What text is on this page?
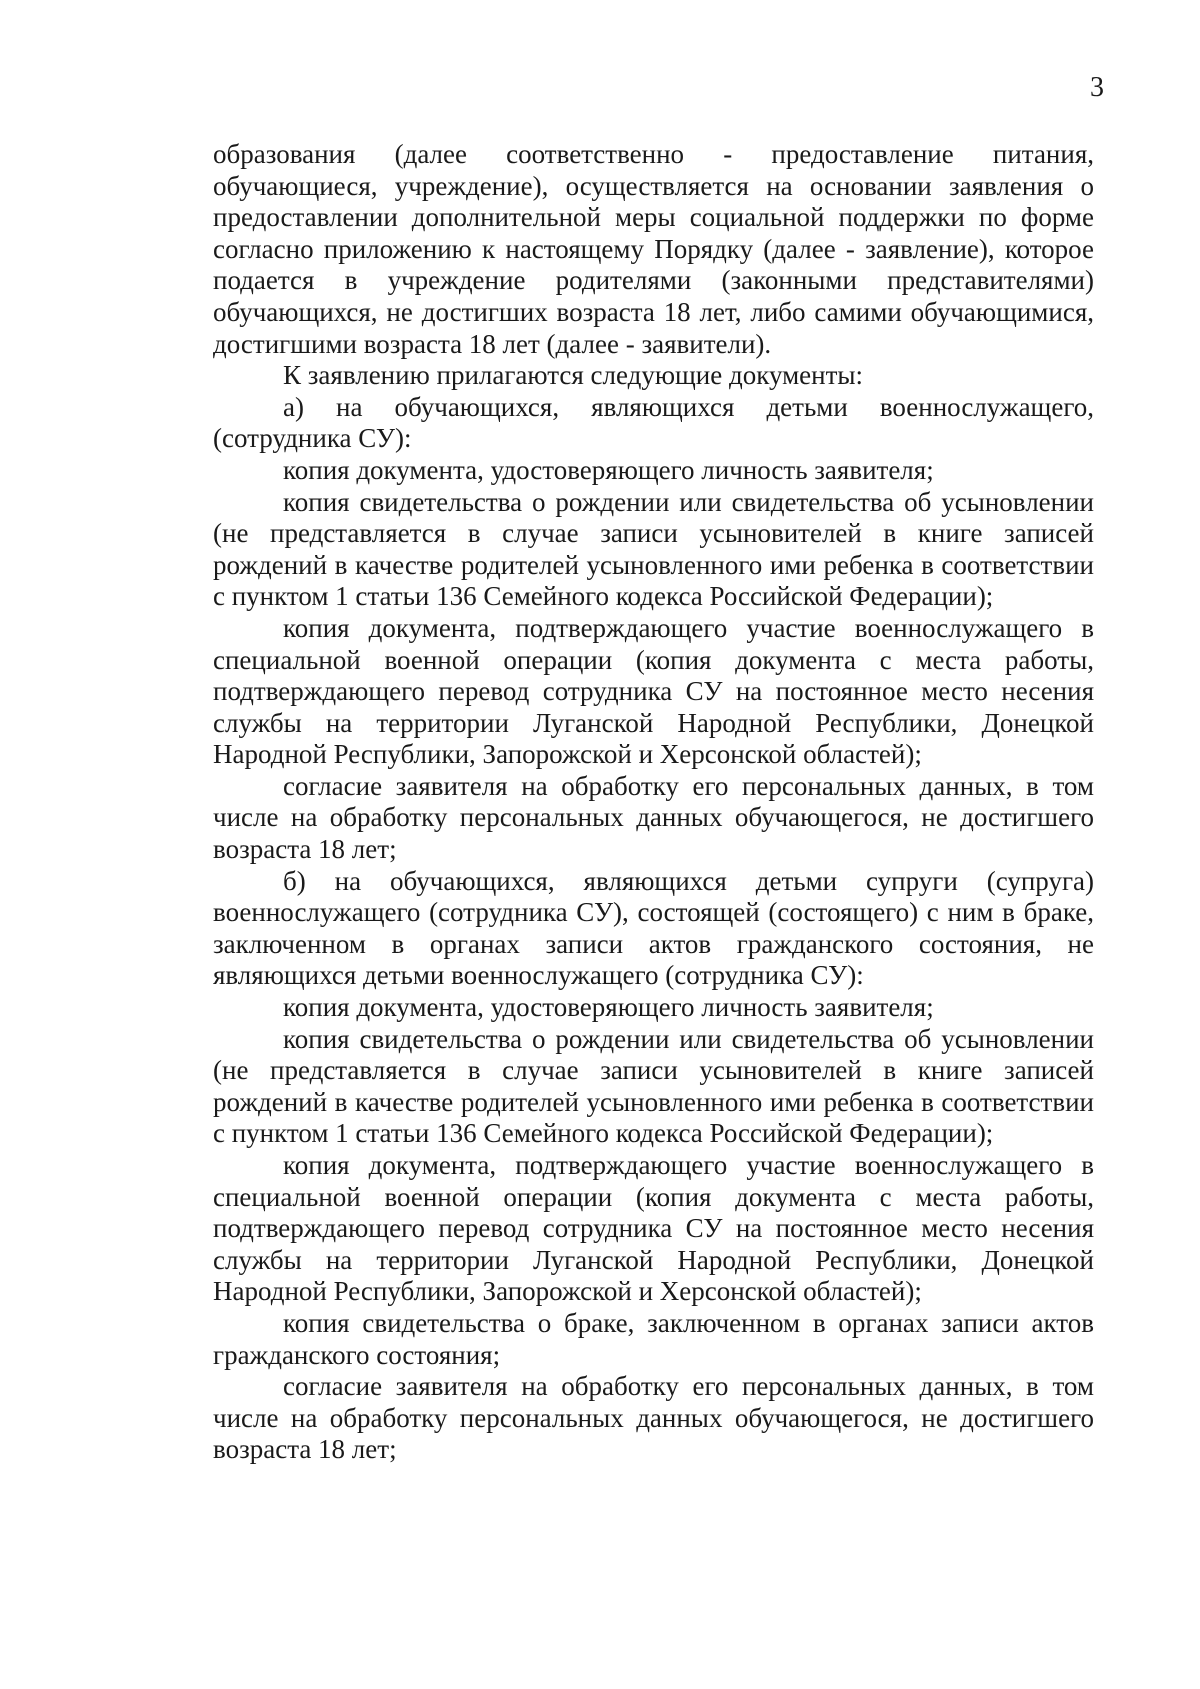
3

образования (далее соответственно - предоставление питания, обучающиеся, учреждение), осуществляется на основании заявления о предоставлении дополнительной меры социальной поддержки по форме согласно приложению к настоящему Порядку (далее - заявление), которое подается в учреждение родителями (законными представителями) обучающихся, не достигших возраста 18 лет, либо самими обучающимися, достигшими возраста 18 лет (далее - заявители).

К заявлению прилагаются следующие документы:

а) на обучающихся, являющихся детьми военнослужащего, (сотрудника СУ):

копия документа, удостоверяющего личность заявителя;

копия свидетельства о рождении или свидетельства об усыновлении (не представляется в случае записи усыновителей в книге записей рождений в качестве родителей усыновленного ими ребенка в соответствии с пунктом 1 статьи 136 Семейного кодекса Российской Федерации);

копия документа, подтверждающего участие военнослужащего в специальной военной операции (копия документа с места работы, подтверждающего перевод сотрудника СУ на постоянное место несения службы на территории Луганской Народной Республики, Донецкой Народной Республики, Запорожской и Херсонской областей);

согласие заявителя на обработку его персональных данных, в том числе на обработку персональных данных обучающегося, не достигшего возраста 18 лет;

б) на обучающихся, являющихся детьми супруги (супруга) военнослужащего (сотрудника СУ), состоящей (состоящего) с ним в браке, заключенном в органах записи актов гражданского состояния, не являющихся детьми военнослужащего (сотрудника СУ):

копия документа, удостоверяющего личность заявителя;

копия свидетельства о рождении или свидетельства об усыновлении (не представляется в случае записи усыновителей в книге записей рождений в качестве родителей усыновленного ими ребенка в соответствии с пунктом 1 статьи 136 Семейного кодекса Российской Федерации);

копия документа, подтверждающего участие военнослужащего в специальной военной операции (копия документа с места работы, подтверждающего перевод сотрудника СУ на постоянное место несения службы на территории Луганской Народной Республики, Донецкой Народной Республики, Запорожской и Херсонской областей);

копия свидетельства о браке, заключенном в органах записи актов гражданского состояния;

согласие заявителя на обработку его персональных данных, в том числе на обработку персональных данных обучающегося, не достигшего возраста 18 лет;
